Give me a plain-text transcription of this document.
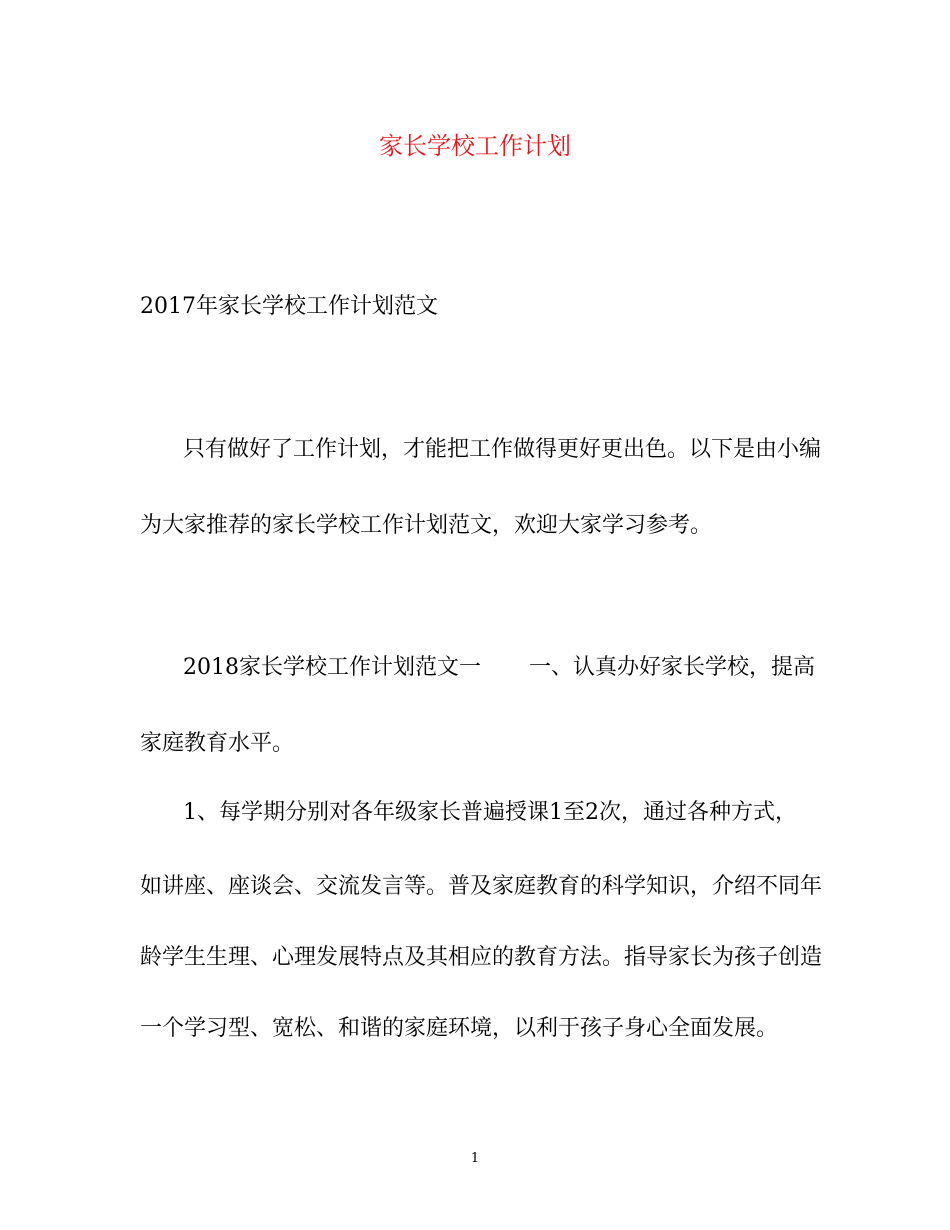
家长学校工作计划
2017年家长学校工作计划范文
只有做好了工作计划，才能把工作做得更好更出色。以下是由小编
为大家推荐的家长学校工作计划范文，欢迎大家学习参考。
2018家长学校工作计划范文一 一、认真办好家长学校，提高
家庭教育水平。
1、每学期分别对各年级家长普遍授课1至2次，通过各种方式，
如讲座、座谈会、交流发言等。普及家庭教育的科学知识，介绍不同年
龄学生生理、心理发展特点及其相应的教育方法。指导家长为孩子创造
一个学习型、宽松、和谐的家庭环境，以利于孩子身心全面发展。
1
